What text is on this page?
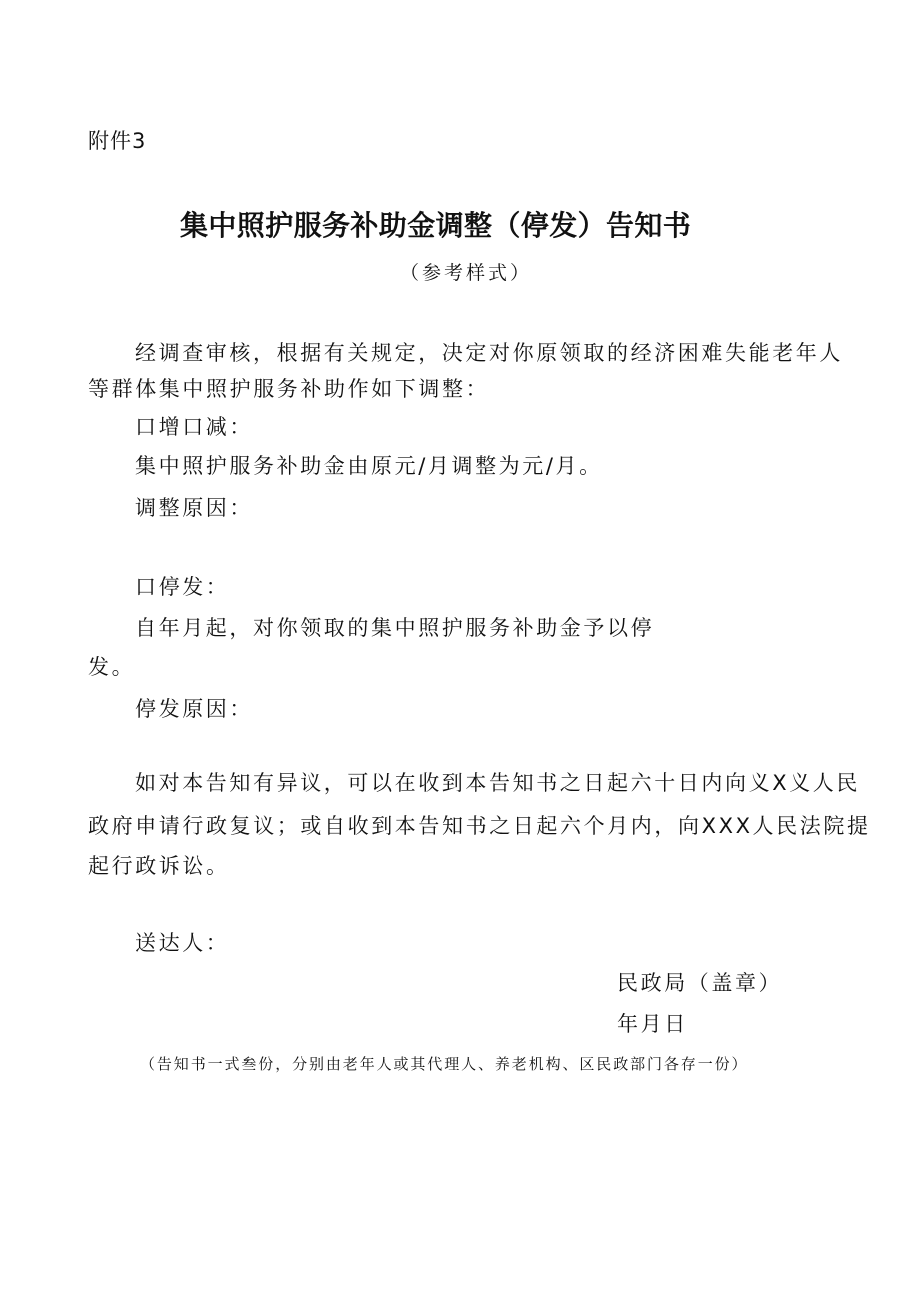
附件3
集中照护服务补助金调整（停发）告知书
（参考样式）
经调查审核，根据有关规定，决定对你原领取的经济困难失能老年人
等群体集中照护服务补助作如下调整：
口增口减：
集中照护服务补助金由原元/月调整为元/月。
调整原因：
口停发：
自年月起，对你领取的集中照护服务补助金予以停
发。
停发原因：
如对本告知有异议，可以在收到本告知书之日起六十日内向义X义人民
政府申请行政复议；或自收到本告知书之日起六个月内，向XXX人民法院提
起行政诉讼。
送达人：
民政局（盖章）
年月日
（告知书一式叁份，分别由老年人或其代理人、养老机构、区民政部门各存一份）
